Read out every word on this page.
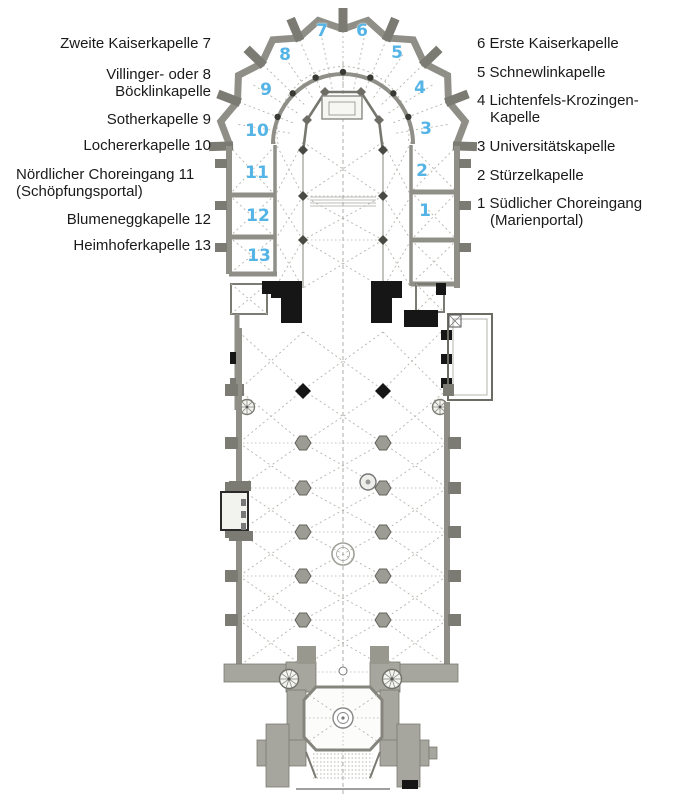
1
2
3
4
5
6
7
8
9
10
11
12
13
Zweite Kaiserkapelle 7
Villinger- oder 8
Böcklinkapelle
Sotherkapelle 9
Lochererkapelle 10
Nördlicher Choreingang 11
(Schöpfungsportal)
Blumeneggkapelle 12
Heimhoferkapelle 13
6 Erste Kaiserkapelle
5 Schnewlinkapelle
4 Lichtenfels-Krozingen-
Kapelle
3 Universitätskapelle
2 Stürzelkapelle
1 Südlicher Choreingang
(Marienportal)
